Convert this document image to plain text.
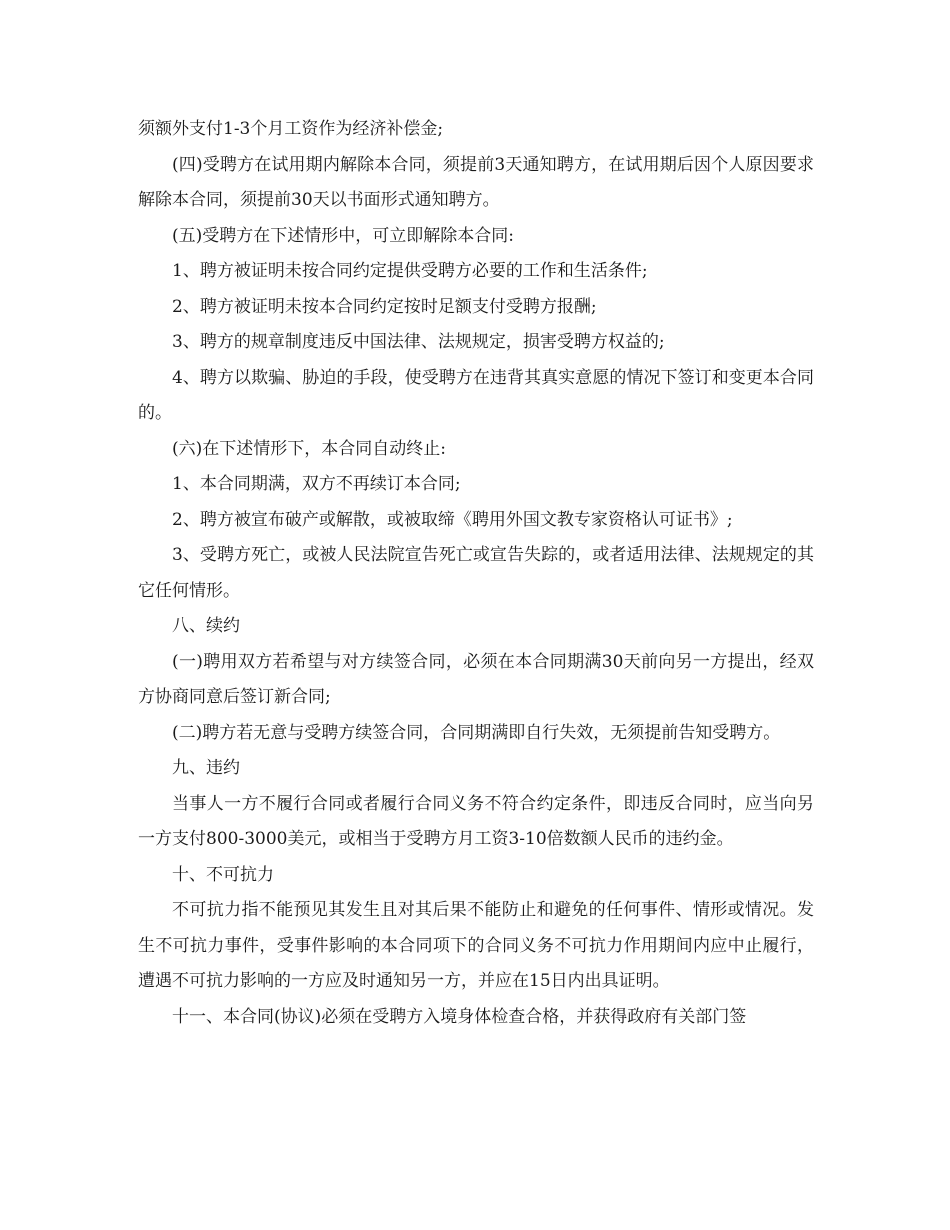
须额外支付1-3个月工资作为经济补偿金;

(四)受聘方在试用期内解除本合同，须提前3天通知聘方，在试用期后因个人原因要求解除本合同，须提前30天以书面形式通知聘方。

(五)受聘方在下述情形中，可立即解除本合同:

1、聘方被证明未按合同约定提供受聘方必要的工作和生活条件;

2、聘方被证明未按本合同约定按时足额支付受聘方报酬;

3、聘方的规章制度违反中国法律、法规规定，损害受聘方权益的;

4、聘方以欺骗、胁迫的手段，使受聘方在违背其真实意愿的情况下签订和变更本合同的。

(六)在下述情形下，本合同自动终止:

1、本合同期满，双方不再续订本合同;

2、聘方被宣布破产或解散，或被取缔《聘用外国文教专家资格认可证书》;

3、受聘方死亡，或被人民法院宣告死亡或宣告失踪的，或者适用法律、法规规定的其它任何情形。

八、续约

(一)聘用双方若希望与对方续签合同，必须在本合同期满30天前向另一方提出，经双方协商同意后签订新合同;

(二)聘方若无意与受聘方续签合同，合同期满即自行失效，无须提前告知受聘方。

九、违约

当事人一方不履行合同或者履行合同义务不符合约定条件，即违反合同时，应当向另一方支付800-3000美元，或相当于受聘方月工资3-10倍数额人民币的违约金。

十、不可抗力

不可抗力指不能预见其发生且对其后果不能防止和避免的任何事件、情形或情况。发生不可抗力事件，受事件影响的本合同项下的合同义务不可抗力作用期间内应中止履行，遭遇不可抗力影响的一方应及时通知另一方，并应在15日内出具证明。

十一、本合同(协议)必须在受聘方入境身体检查合格，并获得政府有关部门签
